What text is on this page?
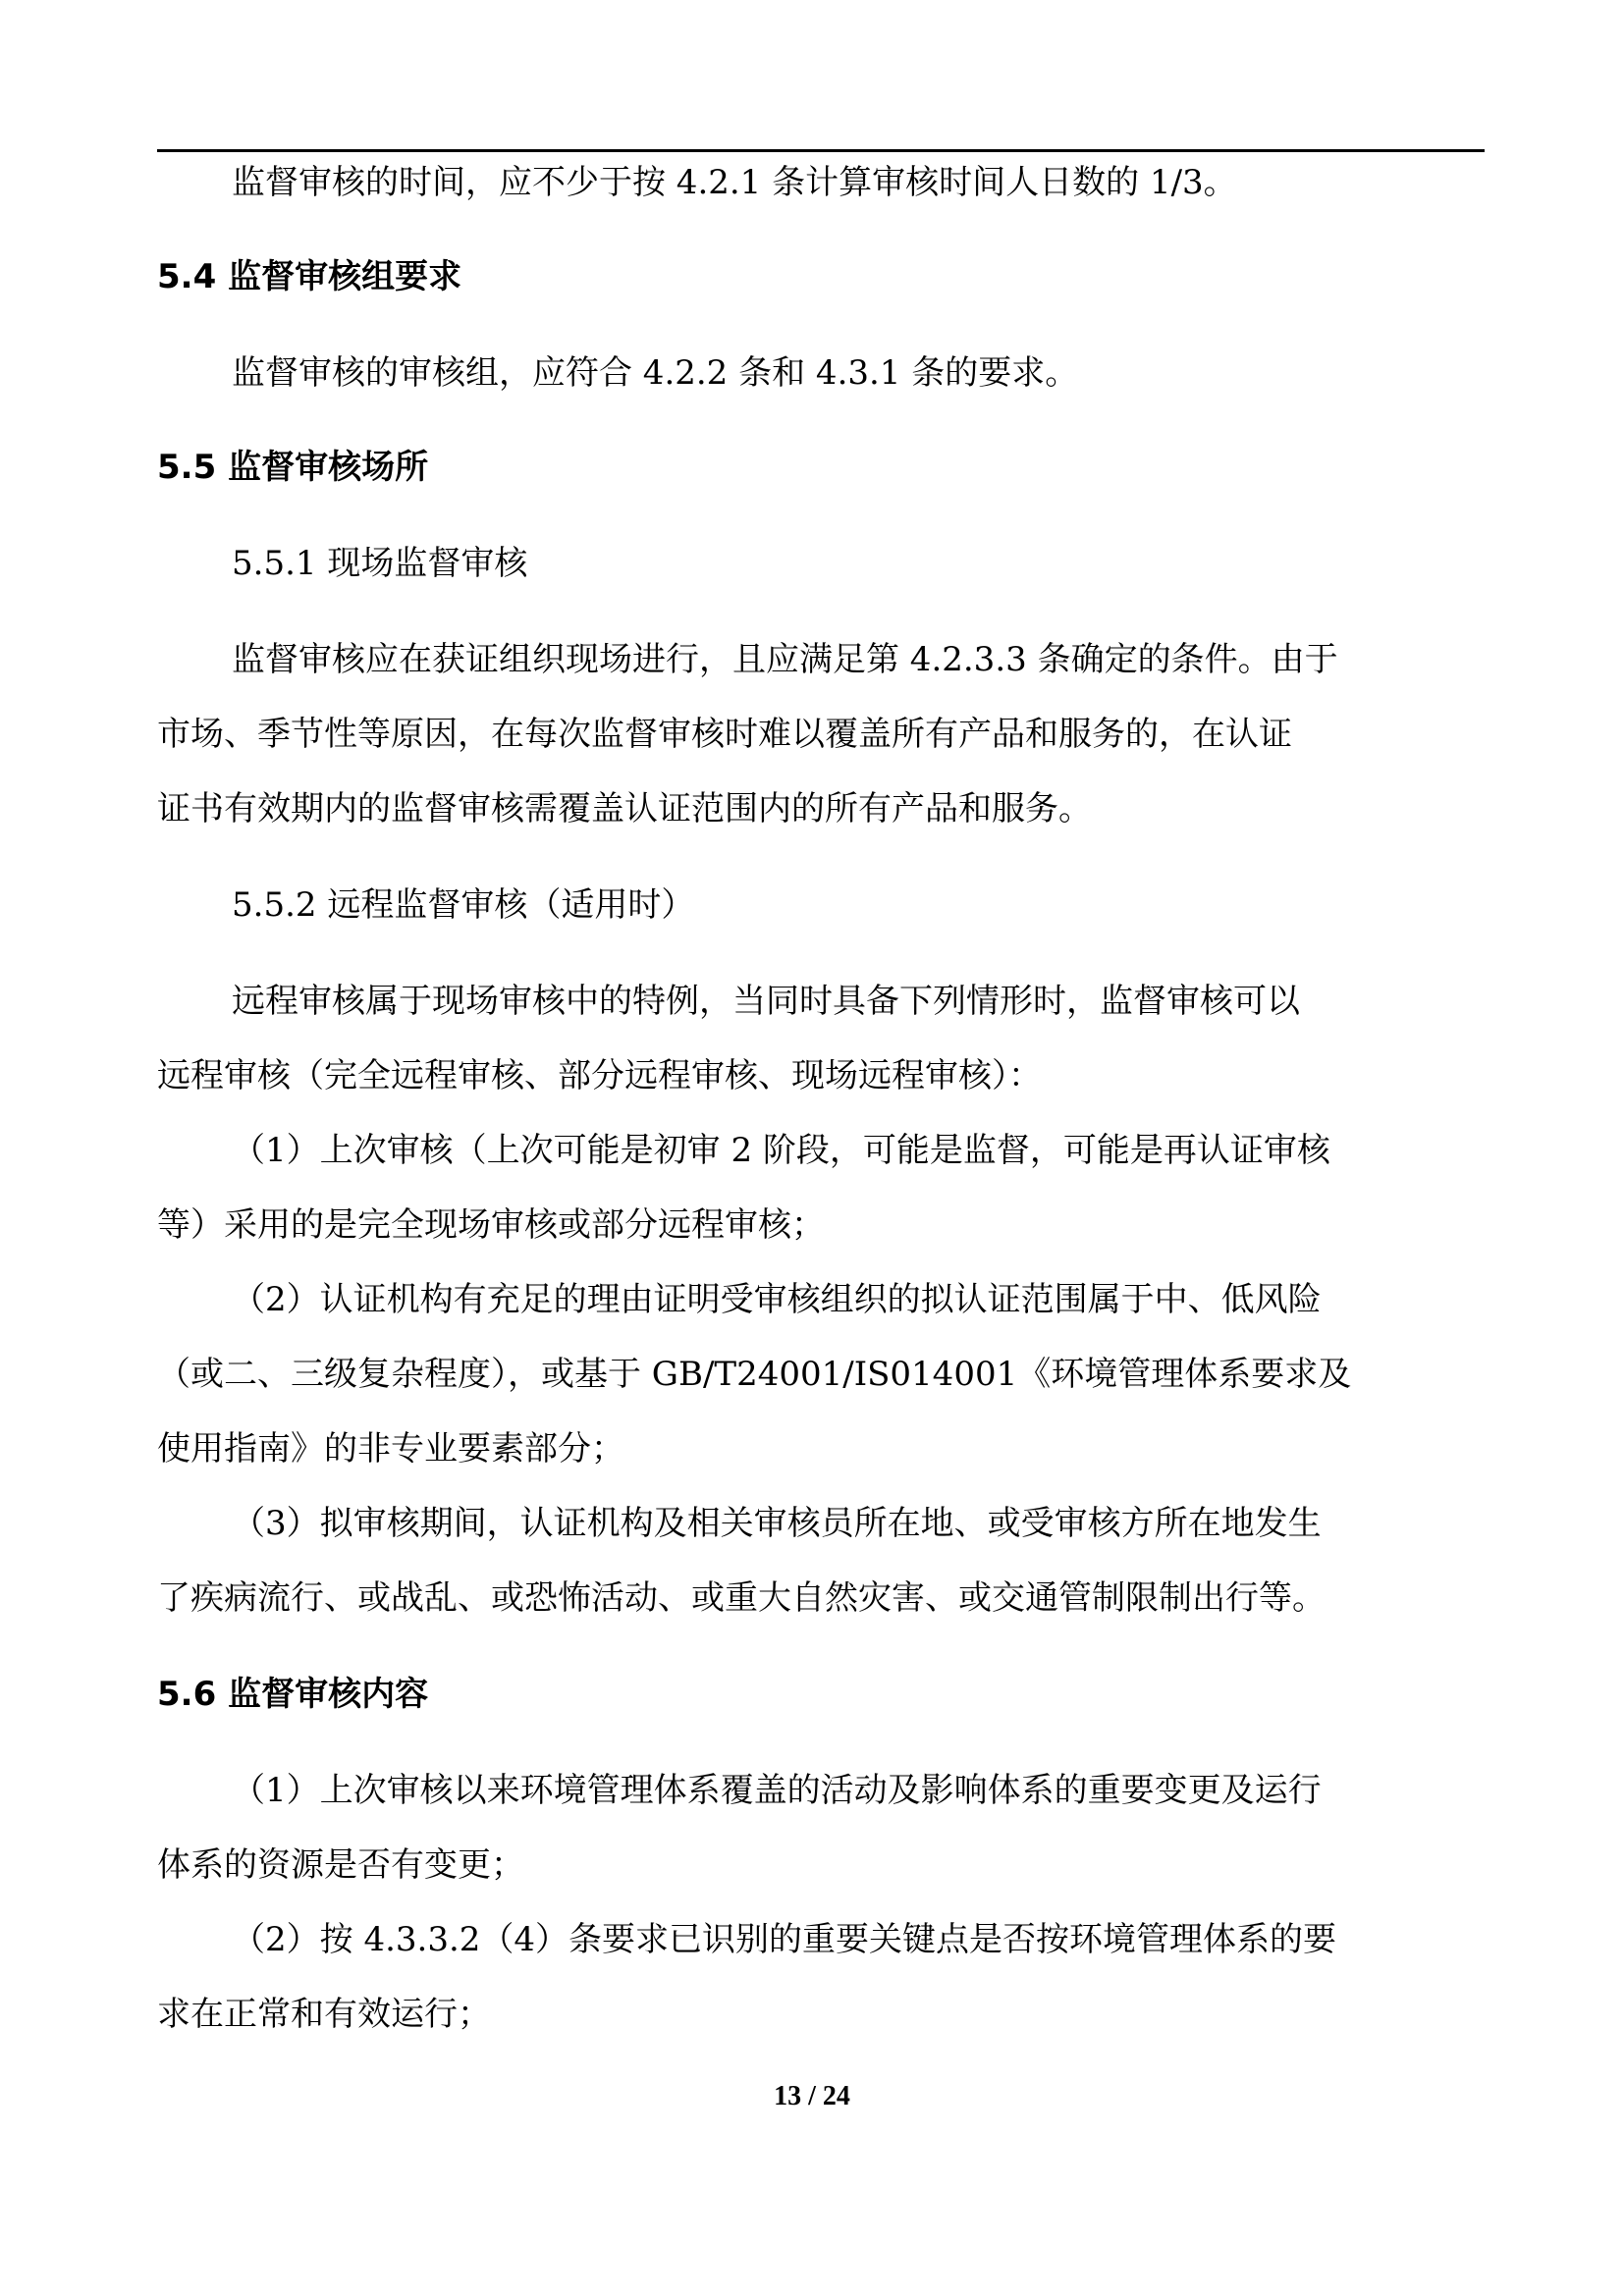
监督审核的时间，应不少于按 4.2.1 条计算审核时间人日数的 1/3。
5.4 监督审核组要求
监督审核的审核组，应符合 4.2.2 条和 4.3.1 条的要求。
5.5 监督审核场所
5.5.1 现场监督审核
监督审核应在获证组织现场进行，且应满足第 4.2.3.3 条确定的条件。由于
市场、季节性等原因，在每次监督审核时难以覆盖所有产品和服务的，在认证
证书有效期内的监督审核需覆盖认证范围内的所有产品和服务。
5.5.2 远程监督审核（适用时）
远程审核属于现场审核中的特例，当同时具备下列情形时，监督审核可以
远程审核（完全远程审核、部分远程审核、现场远程审核）：
（1）上次审核（上次可能是初审 2 阶段，可能是监督，可能是再认证审核
等）采用的是完全现场审核或部分远程审核；
（2）认证机构有充足的理由证明受审核组织的拟认证范围属于中、低风险
（或二、三级复杂程度），或基于 GB/T24001/IS014001《环境管理体系要求及
使用指南》的非专业要素部分；
（3）拟审核期间，认证机构及相关审核员所在地、或受审核方所在地发生
了疾病流行、或战乱、或恐怖活动、或重大自然灾害、或交通管制限制出行等。
5.6 监督审核内容
（1）上次审核以来环境管理体系覆盖的活动及影响体系的重要变更及运行
体系的资源是否有变更；
（2）按 4.3.3.2（4）条要求已识别的重要关键点是否按环境管理体系的要
求在正常和有效运行；
13 / 24
